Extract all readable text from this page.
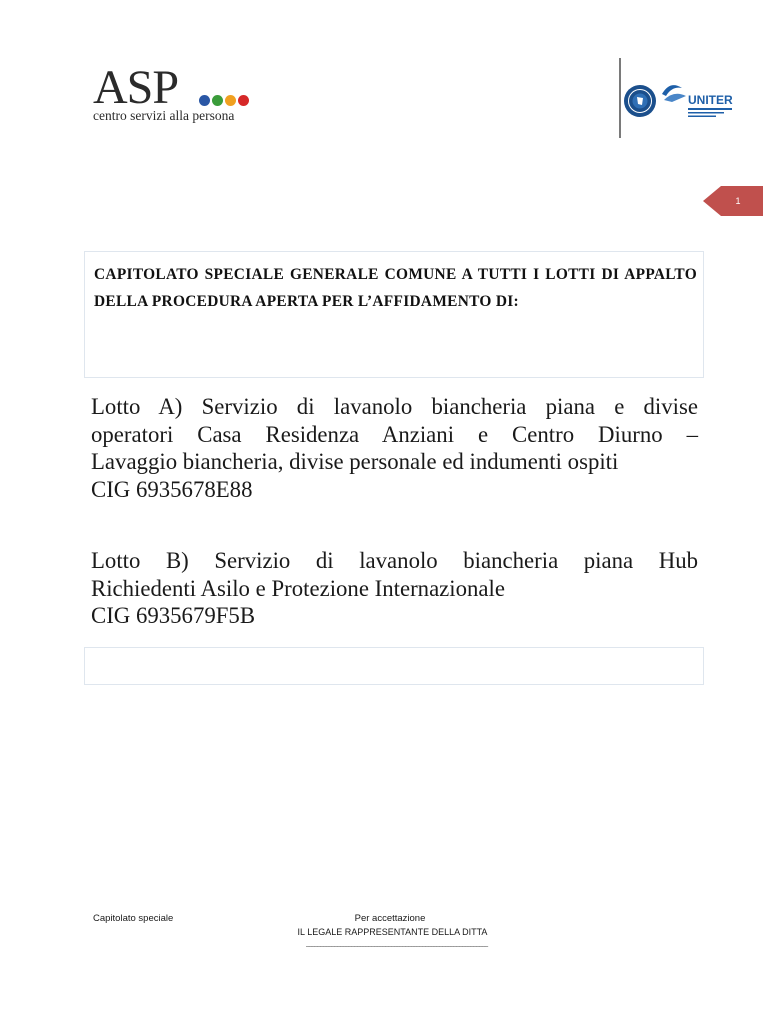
ASP
centro servizi alla persona
UNITER
1

CAPITOLATO SPECIALE GENERALE COMUNE A TUTTI I LOTTI DI APPALTO DELLA PROCEDURA APERTA PER L’AFFIDAMENTO DI:

Lotto A) Servizio di lavanolo biancheria piana e divise
operatori Casa Residenza Anziani e Centro Diurno –
Lavaggio biancheria, divise personale ed indumenti ospiti
CIG 6935678E88
Lotto B) Servizio di lavanolo biancheria piana Hub
Richiedenti Asilo e Protezione Internazionale
CIG 6935679F5B
Capitolato speciale	Per accettazione
IL LEGALE RAPPRESENTANTE DELLA DITTA
________________________________________________________________
